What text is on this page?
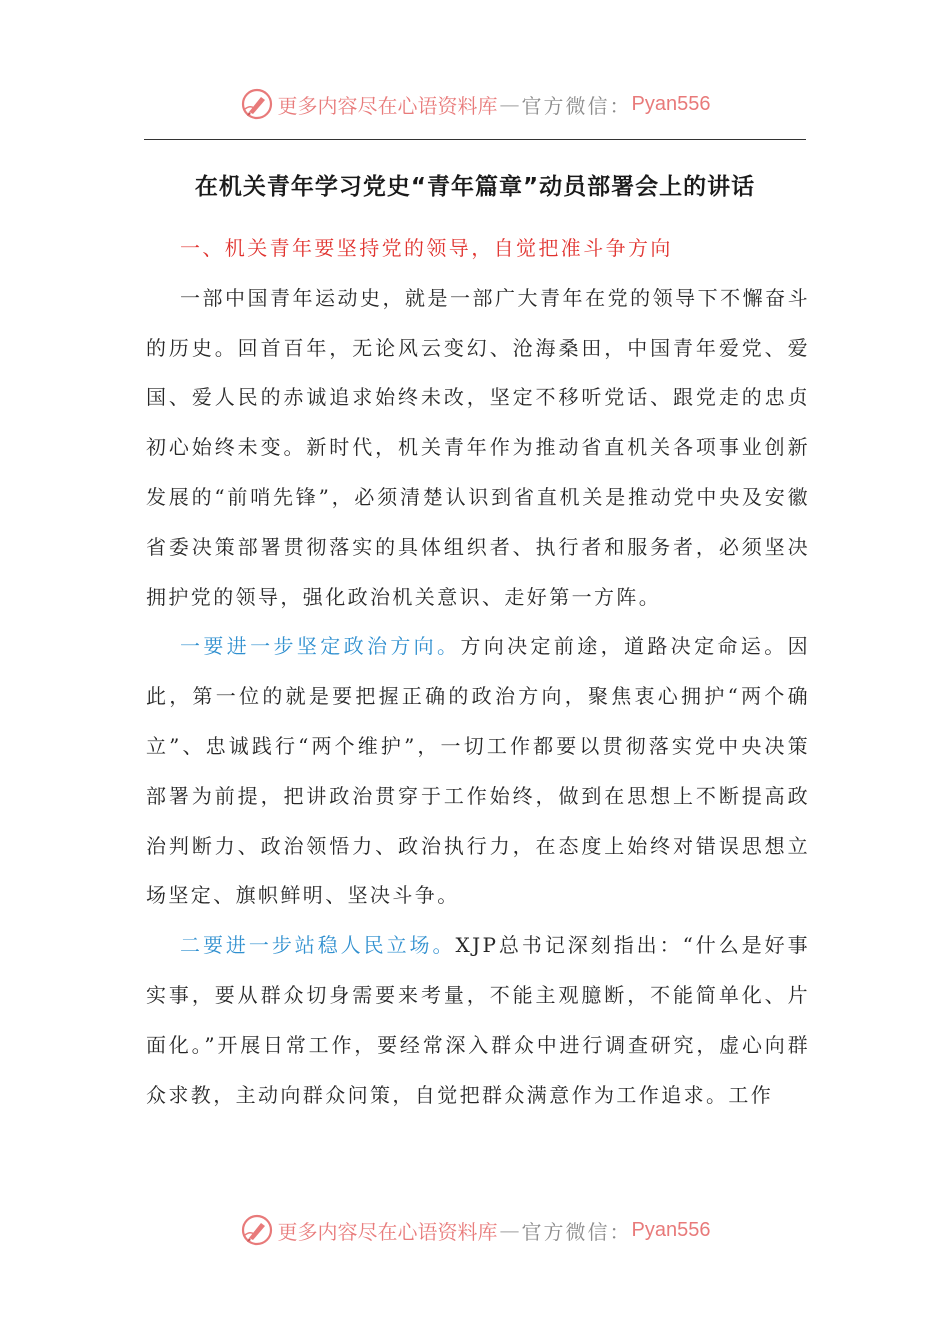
更多内容尽在心语资料库 — 官方微信： Pyan556
在机关青年学习党史“青年篇章”动员部署会上的讲话

一、机关青年要坚持党的领导，自觉把准斗争方向

一部中国青年运动史，就是一部广大青年在党的领导下不懈奋斗的历史。回首百年，无论风云变幻、沧海桑田，中国青年爱党、爱国、爱人民的赤诚追求始终未改，坚定不移听党话、跟党走的忠贞初心始终未变。新时代，机关青年作为推动省直机关各项事业创新发展的“前哨先锋”，必须清楚认识到省直机关是推动党中央及安徽省委决策部署贯彻落实的具体组织者、执行者和服务者，必须坚决拥护党的领导，强化政治机关意识、走好第一方阵。

一要进一步坚定政治方向。方向决定前途，道路决定命运。因此，第一位的就是要把握正确的政治方向，聚焦衷心拥护“两个确立”、忠诚践行“两个维护”，一切工作都要以贯彻落实党中央决策部署为前提，把讲政治贯穿于工作始终，做到在思想上不断提高政治判断力、政治领悟力、政治执行力，在态度上始终对错误思想立场坚定、旗帜鲜明、坚决斗争。

二要进一步站稳人民立场。XJP总书记深刻指出：“什么是好事实事，要从群众切身需要来考量，不能主观臆断，不能简单化、片面化。”开展日常工作，要经常深入群众中进行调查研究，虚心向群众求教，主动向群众问策，自觉把群众满意作为工作追求。工作

更多内容尽在心语资料库 — 官方微信： Pyan556
